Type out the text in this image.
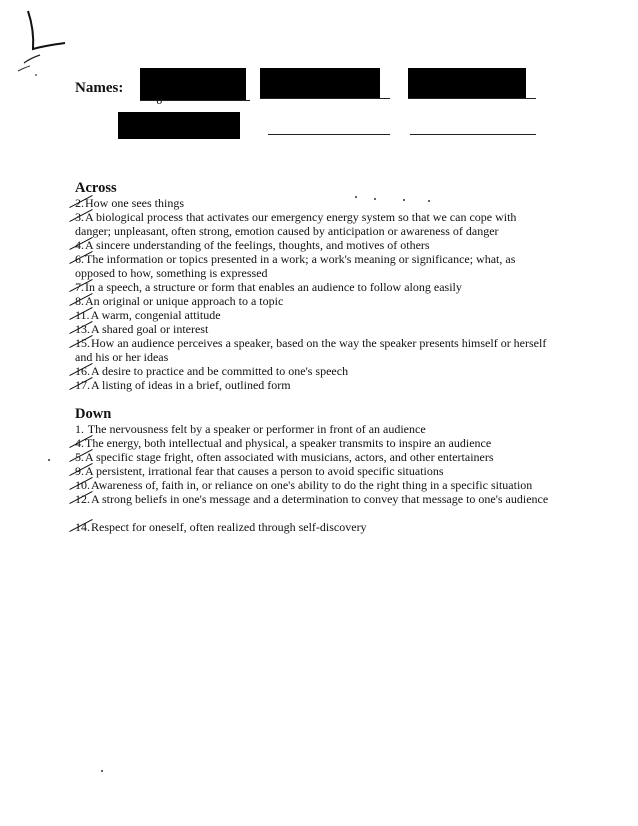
Names:
υ
Across
2.How one sees things
3.A biological process that activates our emergency energy system so that we can cope with danger; unpleasant, often strong, emotion caused by anticipation or awareness of danger
4.A sincere understanding of the feelings, thoughts, and motives of others
6.The information or topics presented in a work; a work's meaning or significance; what, as opposed to how, something is expressed
7.In a speech, a structure or form that enables an audience to follow along easily
8.An original or unique approach to a topic
11.A warm, congenial attitude
13.A shared goal or interest
15.How an audience perceives a speaker, based on the way the speaker presents himself or herself and his or her ideas
16.A desire to practice and be committed to one's speech
17.A listing of ideas in a brief, outlined form
Down
1. The nervousness felt by a speaker or performer in front of an audience
4.The energy, both intellectual and physical, a speaker transmits to inspire an audience
5.A specific stage fright, often associated with musicians, actors, and other entertainers
9.A persistent, irrational fear that causes a person to avoid specific situations
10.Awareness of, faith in, or reliance on one's ability to do the right thing in a specific situation
12.A strong beliefs in one's message and a determination to convey that message to one's audience
14.Respect for oneself, often realized through self-discovery
